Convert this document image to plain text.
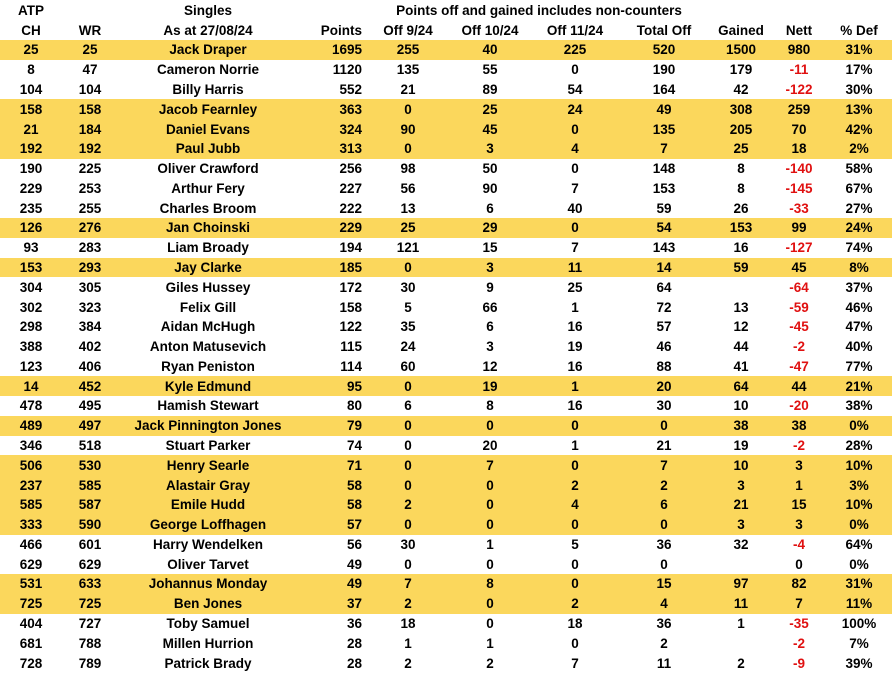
ATP		Singles		Points off and gained includes non-counters						
CH	WR	As at 27/08/24	Points	Off 9/24	Off 10/24	Off 11/24	Total Off	Gained	Nett	% Def
25	25	Jack Draper	1695	255	40	225	520	1500	980	31%
8	47	Cameron Norrie	1120	135	55	0	190	179	-11	17%
104	104	Billy Harris	552	21	89	54	164	42	-122	30%
158	158	Jacob Fearnley	363	0	25	24	49	308	259	13%
21	184	Daniel Evans	324	90	45	0	135	205	70	42%
192	192	Paul Jubb	313	0	3	4	7	25	18	2%
190	225	Oliver Crawford	256	98	50	0	148	8	-140	58%
229	253	Arthur Fery	227	56	90	7	153	8	-145	67%
235	255	Charles Broom	222	13	6	40	59	26	-33	27%
126	276	Jan Choinski	229	25	29	0	54	153	99	24%
93	283	Liam Broady	194	121	15	7	143	16	-127	74%
153	293	Jay Clarke	185	0	3	11	14	59	45	8%
304	305	Giles Hussey	172	30	9	25	64		-64	37%
302	323	Felix Gill	158	5	66	1	72	13	-59	46%
298	384	Aidan McHugh	122	35	6	16	57	12	-45	47%
388	402	Anton Matusevich	115	24	3	19	46	44	-2	40%
123	406	Ryan Peniston	114	60	12	16	88	41	-47	77%
14	452	Kyle Edmund	95	0	19	1	20	64	44	21%
478	495	Hamish Stewart	80	6	8	16	30	10	-20	38%
489	497	Jack Pinnington Jones	79	0	0	0	0	38	38	0%
346	518	Stuart Parker	74	0	20	1	21	19	-2	28%
506	530	Henry Searle	71	0	7	0	7	10	3	10%
237	585	Alastair Gray	58	0	0	2	2	3	1	3%
585	587	Emile Hudd	58	2	0	4	6	21	15	10%
333	590	George Loffhagen	57	0	0	0	0	3	3	0%
466	601	Harry Wendelken	56	30	1	5	36	32	-4	64%
629	629	Oliver Tarvet	49	0	0	0	0		0	0%
531	633	Johannus Monday	49	7	8	0	15	97	82	31%
725	725	Ben Jones	37	2	0	2	4	11	7	11%
404	727	Toby Samuel	36	18	0	18	36	1	-35	100%
681	788	Millen Hurrion	28	1	1	0	2		-2	7%
728	789	Patrick Brady	28	2	2	7	11	2	-9	39%
